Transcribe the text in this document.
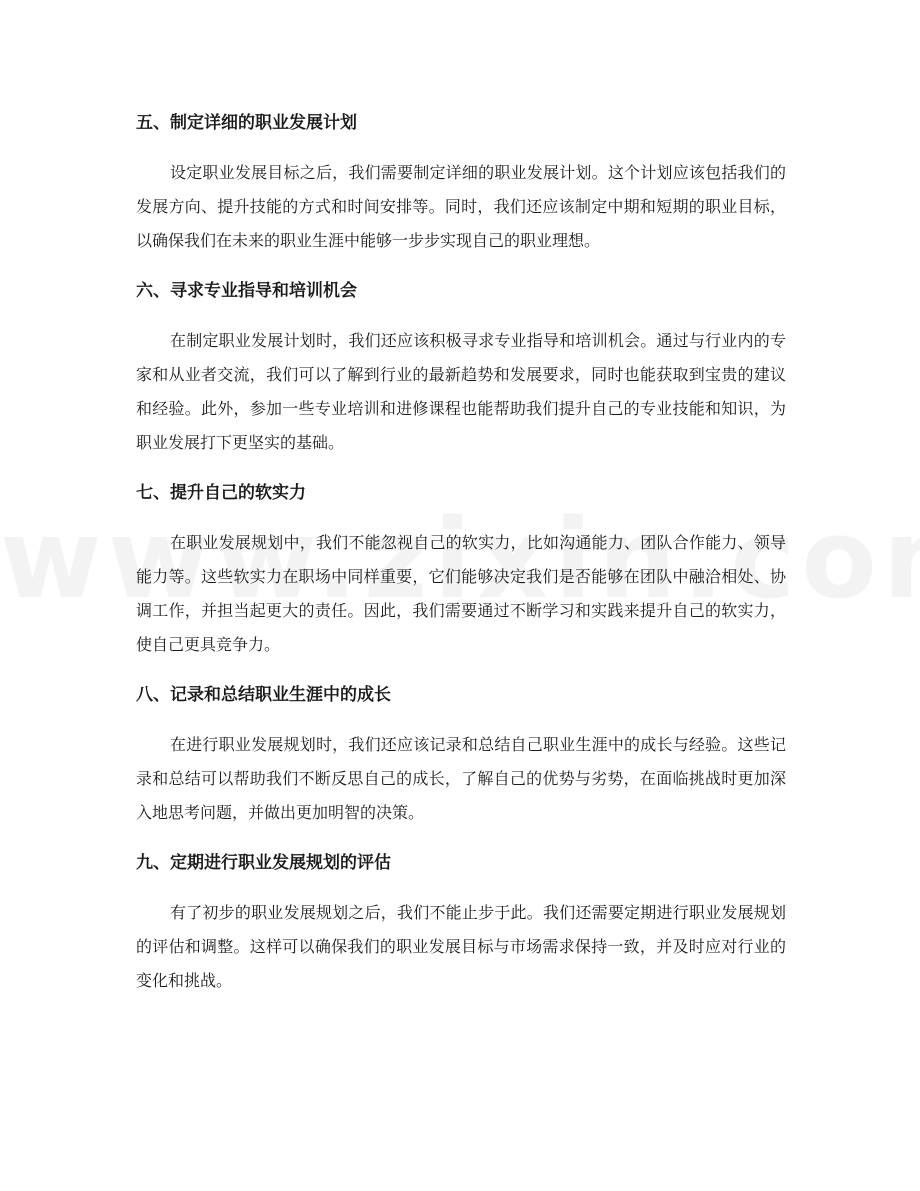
五、制定详细的职业发展计划

设定职业发展目标之后，我们需要制定详细的职业发展计划。这个计划应该包括我们的发展方向、提升技能的方式和时间安排等。同时，我们还应该制定中期和短期的职业目标，以确保我们在未来的职业生涯中能够一步步实现自己的职业理想。

六、寻求专业指导和培训机会

在制定职业发展计划时，我们还应该积极寻求专业指导和培训机会。通过与行业内的专家和从业者交流，我们可以了解到行业的最新趋势和发展要求，同时也能获取到宝贵的建议和经验。此外，参加一些专业培训和进修课程也能帮助我们提升自己的专业技能和知识，为职业发展打下更坚实的基础。

七、提升自己的软实力

在职业发展规划中，我们不能忽视自己的软实力，比如沟通能力、团队合作能力、领导能力等。这些软实力在职场中同样重要，它们能够决定我们是否能够在团队中融洽相处、协调工作，并担当起更大的责任。因此，我们需要通过不断学习和实践来提升自己的软实力，使自己更具竞争力。

八、记录和总结职业生涯中的成长

在进行职业发展规划时，我们还应该记录和总结自己职业生涯中的成长与经验。这些记录和总结可以帮助我们不断反思自己的成长，了解自己的优势与劣势，在面临挑战时更加深入地思考问题，并做出更加明智的决策。

九、定期进行职业发展规划的评估

有了初步的职业发展规划之后，我们不能止步于此。我们还需要定期进行职业发展规划的评估和调整。这样可以确保我们的职业发展目标与市场需求保持一致，并及时应对行业的变化和挑战。
